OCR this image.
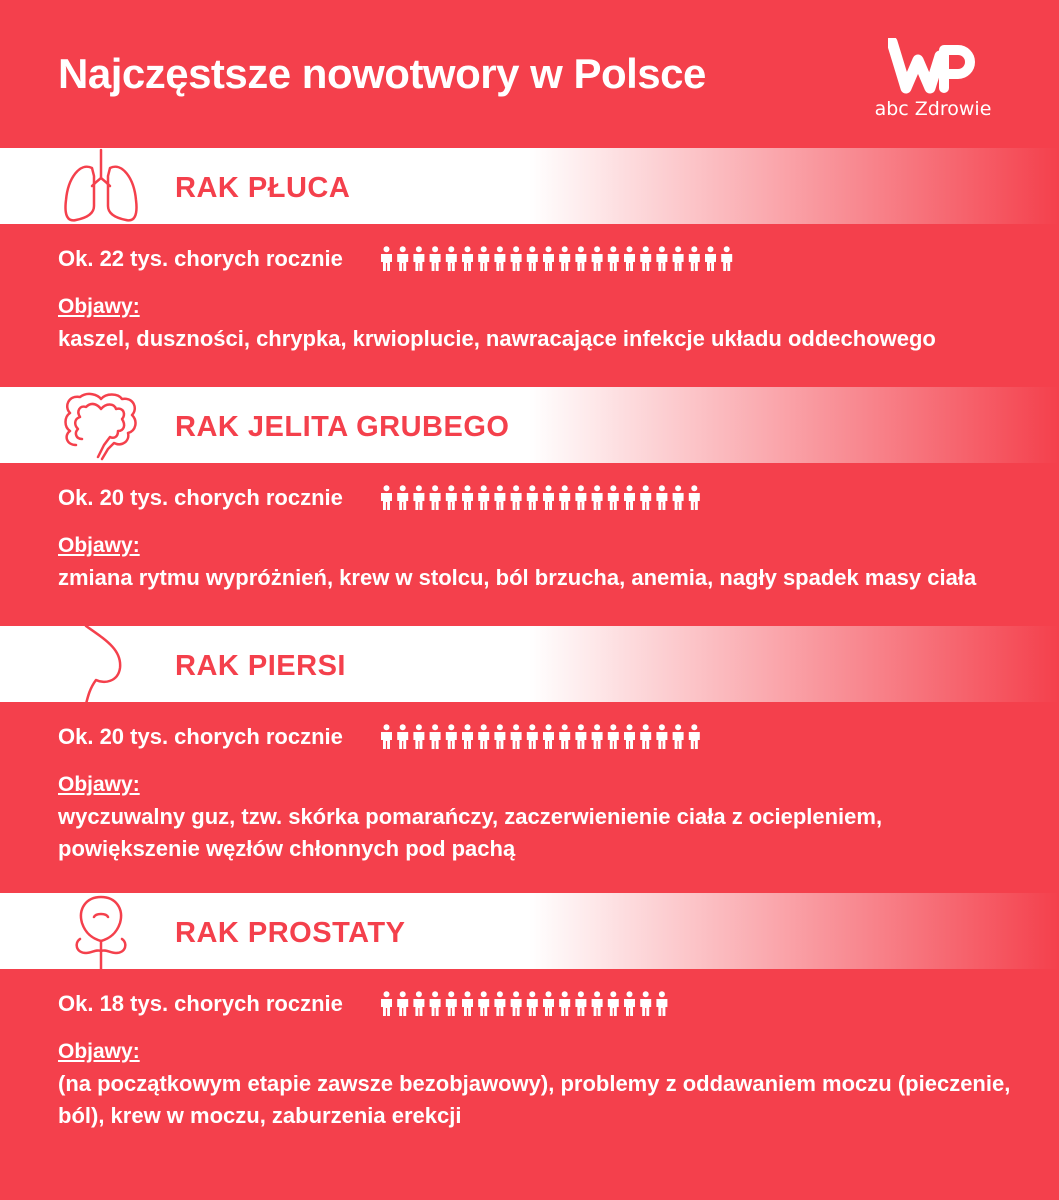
Najczęstsze nowotwory w Polsce
abc Zdrowie
RAK PŁUCA
Ok. 22 tys. chorych rocznie
Objawy:
kaszel, duszności, chrypka, krwioplucie, nawracające infekcje układu oddechowego
RAK JELITA GRUBEGO
Ok. 20 tys. chorych rocznie
Objawy:
zmiana rytmu wypróżnień, krew w stolcu, ból brzucha, anemia, nagły spadek masy ciała
RAK PIERSI
Ok. 20 tys. chorych rocznie
Objawy:
wyczuwalny guz, tzw. skórka pomarańczy, zaczerwienienie ciała z ociepleniem, powiększenie węzłów chłonnych pod pachą
RAK PROSTATY
Ok. 18 tys. chorych rocznie
Objawy:
(na początkowym etapie zawsze bezobjawowy), problemy z oddawaniem moczu (pieczenie, ból), krew w moczu, zaburzenia erekcji
